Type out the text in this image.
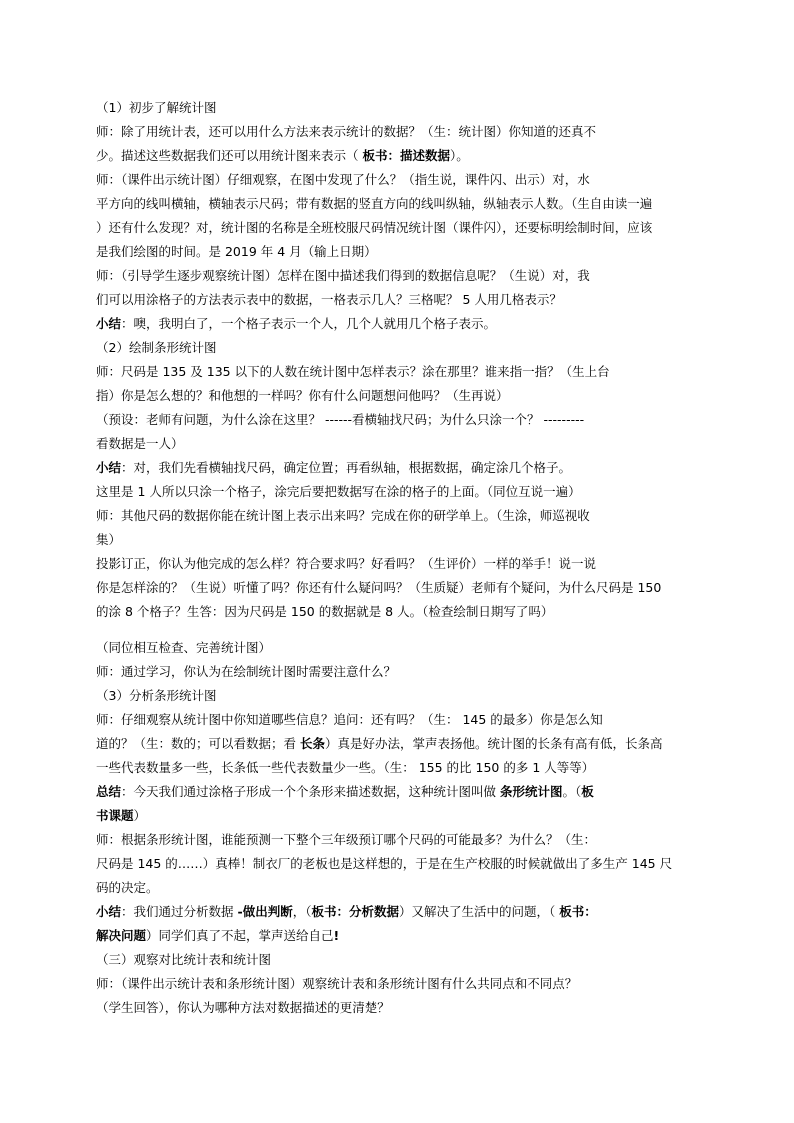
（1）初步了解统计图

师：除了用统计表，还可以用什么方法来表示统计的数据？（生：统计图）你知道的还真不

少。描述这些数据我们还可以用统计图来表示（ 板书：描述数据）。

师：（课件出示统计图）仔细观察，在图中发现了什么？（指生说，课件闪、出示）对，水

平方向的线叫横轴，横轴表示尺码；带有数据的竖直方向的线叫纵轴，纵轴表示人数。（生自由读一遍

）还有什么发现？对，统计图的名称是全班校服尺码情况统计图（课件闪），还要标明绘制时间，应该

是我们绘图的时间。是 2019 年 4 月（输上日期）

师：（引导学生逐步观察统计图）怎样在图中描述我们得到的数据信息呢？（生说）对，我

们可以用涂格子的方法表示表中的数据，一格表示几人？三格呢？ 5 人用几格表示？

小结：噢，我明白了，一个格子表示一个人，几个人就用几个格子表示。

（2）绘制条形统计图

师：尺码是 135 及 135 以下的人数在统计图中怎样表示？涂在那里？谁来指一指？（生上台

指）你是怎么想的？和他想的一样吗？你有什么问题想问他吗？（生再说）

（预设：老师有问题，为什么涂在这里？ ------看横轴找尺码；为什么只涂一个？ ---------

看数据是一人）

小结：对，我们先看横轴找尺码，确定位置；再看纵轴，根据数据，确定涂几个格子。

这里是 1 人所以只涂一个格子，涂完后要把数据写在涂的格子的上面。（同位互说一遍）

师：其他尺码的数据你能在统计图上表示出来吗？完成在你的研学单上。（生涂，师巡视收

集）

投影订正，你认为他完成的怎么样？符合要求吗？好看吗？（生评价）一样的举手！说一说

你是怎样涂的？（生说）听懂了吗？你还有什么疑问吗？（生质疑）老师有个疑问，为什么尺码是 150

的涂 8 个格子？生答：因为尺码是 150 的数据就是 8 人。（检查绘制日期写了吗）

（同位相互检查、完善统计图）

师：通过学习，你认为在绘制统计图时需要注意什么？

（3）分析条形统计图

师：仔细观察从统计图中你知道哪些信息？追问：还有吗？（生： 145 的最多）你是怎么知

道的？（生：数的；可以看数据；看 长条）真是好办法，掌声表扬他。统计图的长条有高有低，长条高

一些代表数量多一些，长条低一些代表数量少一些。（生： 155 的比 150 的多 1 人等等）

总结：今天我们通过涂格子形成一个个条形来描述数据，这种统计图叫做 条形统计图。（板

书课题）

师：根据条形统计图，谁能预测一下整个三年级预订哪个尺码的可能最多？为什么？（生：

尺码是 145 的……）真棒！制衣厂的老板也是这样想的，于是在生产校服的时候就做出了多生产 145 尺

码的决定。

小结：我们通过分析数据 -做出判断，（板书：分析数据）又解决了生活中的问题，（ 板书：

解决问题）同学们真了不起，掌声送给自己!

（三）观察对比统计表和统计图

师：（课件出示统计表和条形统计图）观察统计表和条形统计图有什么共同点和不同点？

（学生回答），你认为哪种方法对数据描述的更清楚？
